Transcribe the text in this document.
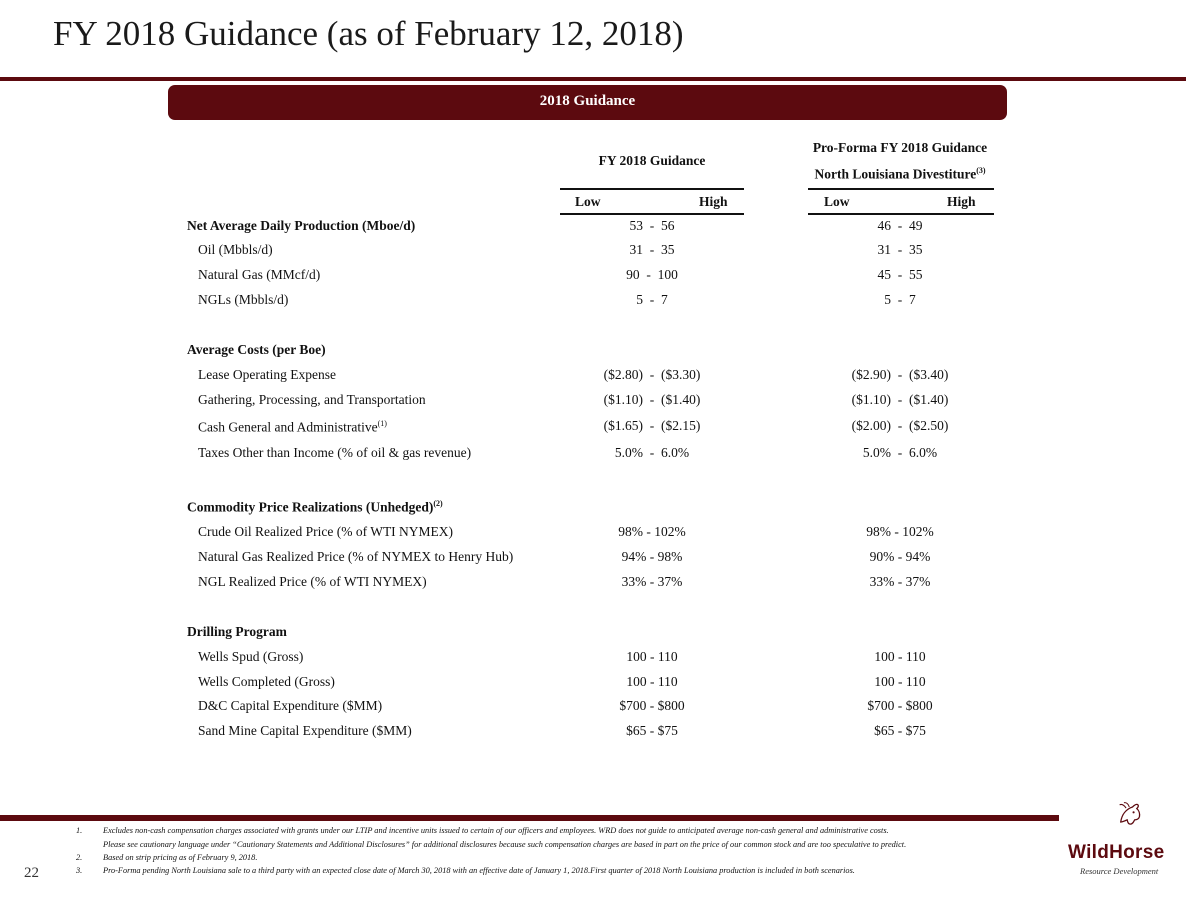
FY 2018 Guidance (as of February 12, 2018)
2018 Guidance
FY 2018 Guidance
Pro-Forma FY 2018 Guidance
North Louisiana Divestiture$^{(3)}$
Low	High	Low	High
Net Average Daily Production (Mboe/d)	53  -  56	46  -  49
Oil (Mbbls/d)	31  -  35	31  -  35
Natural Gas (MMcf/d)	90  -  100	45  -  55
NGLs (Mbbls/d)	5  -  7	5  -  7
Average Costs (per Boe)
Lease Operating Expense	($2.80)  -  ($3.30)	($2.90)  -  ($3.40)
Gathering, Processing, and Transportation	($1.10)  -  ($1.40)	($1.10)  -  ($1.40)
Cash General and Administrative$^{(1)}$	($1.65)  -  ($2.15)	($2.00)  -  ($2.50)
Taxes Other than Income (% of oil & gas revenue)	5.0%  -  6.0%	5.0%  -  6.0%
Commodity Price Realizations (Unhedged)$^{(2)}$
Crude Oil Realized Price (% of WTI NYMEX)	98% - 102%	98% - 102%
Natural Gas Realized Price (% of NYMEX to Henry Hub)	94% - 98%	90% - 94%
NGL Realized Price (% of WTI NYMEX)	33% - 37%	33% - 37%
Drilling Program
Wells Spud (Gross)	100 - 110	100 - 110
Wells Completed (Gross)	100 - 110	100 - 110
D&C Capital Expenditure ($MM)	$700 - $800	$700 - $800
Sand Mine Capital Expenditure ($MM)	$65 - $75	$65 - $75
1.	Excludes non-cash compensation charges associated with grants under our LTIP and incentive units issued to certain of our officers and employees. WRD does not guide to anticipated average non-cash general and administrative costs.
Please see cautionary language under “Cautionary Statements and Additional Disclosures” for additional disclosures because such compensation charges are based in part on the price of our common stock and are too speculative to predict.
2.	Based on strip pricing as of February 9, 2018.
3.	Pro-Forma pending North Louisiana sale to a third party with an expected close date of March 30, 2018 with an effective date of January 1, 2018.First quarter of 2018 North Louisiana production is included in both scenarios.
22
WildHorse
Resource Development
